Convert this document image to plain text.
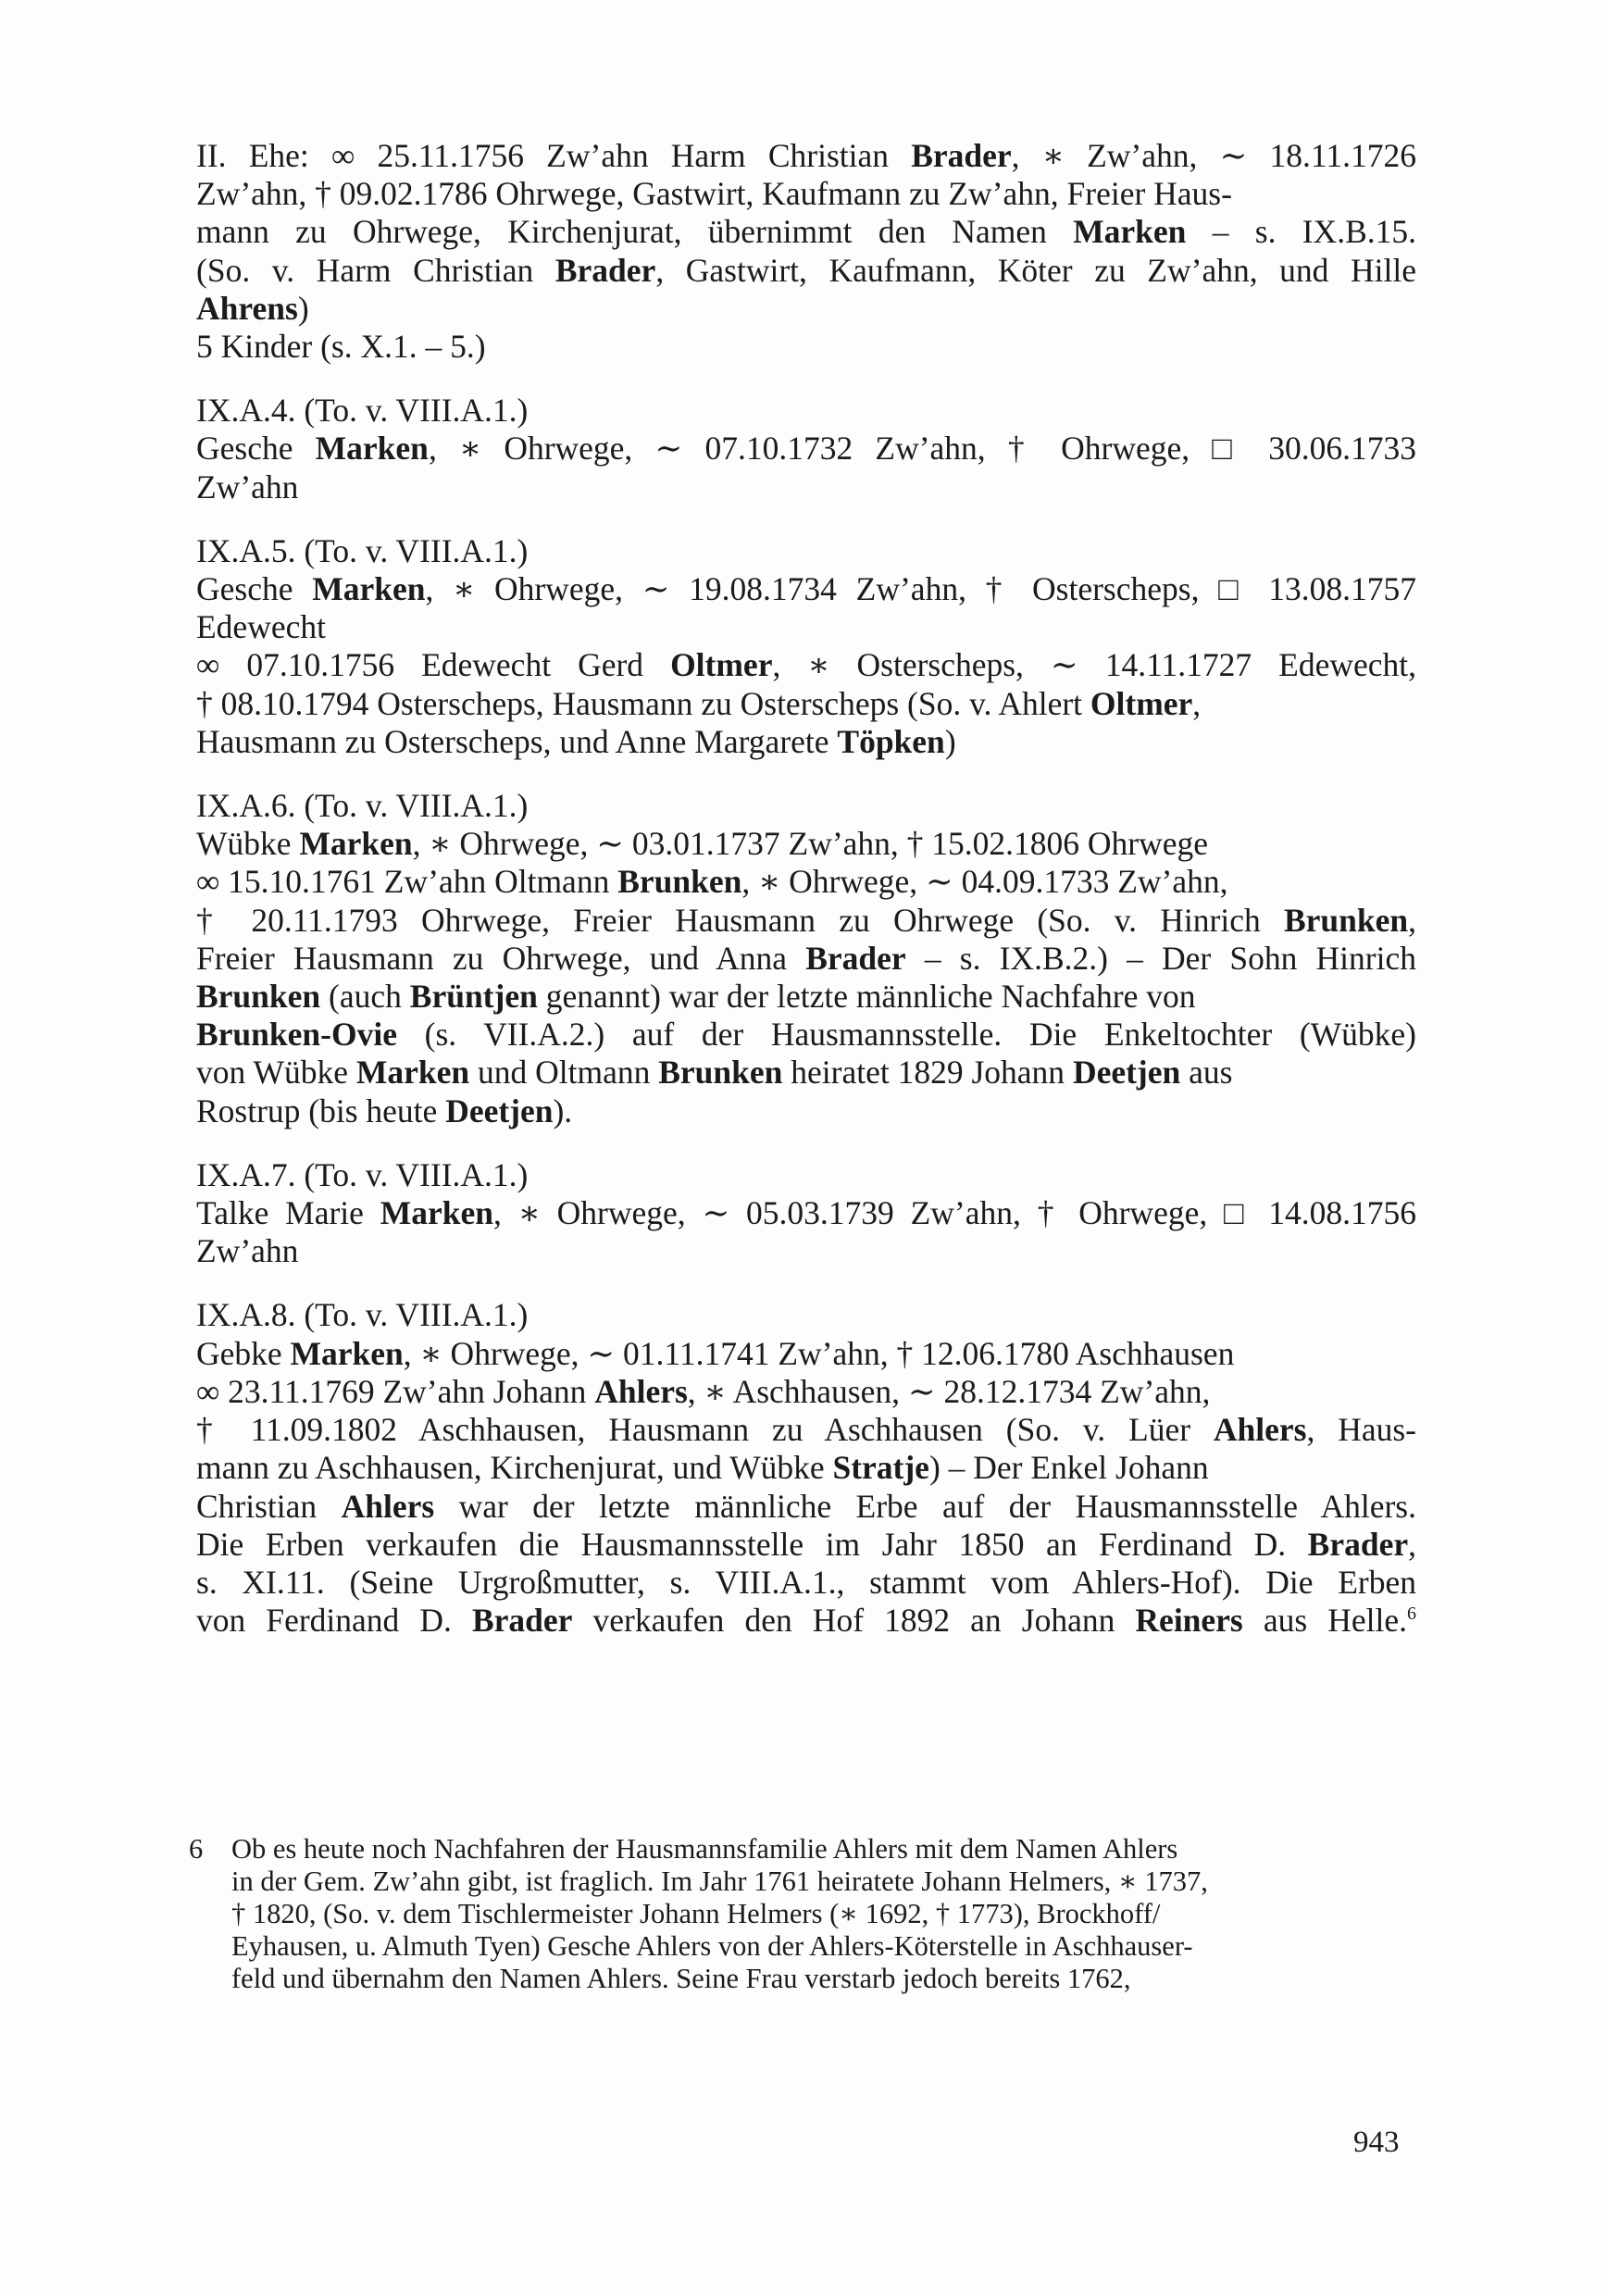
II. Ehe: ∞ 25.11.1756 Zw’ahn Harm Christian Brader, ∗ Zw’ahn, ∼ 18.11.1726
Zw’ahn, † 09.02.1786 Ohrwege, Gastwirt, Kaufmann zu Zw’ahn, Freier Haus-
mann zu Ohrwege, Kirchenjurat, übernimmt den Namen Marken – s. IX.B.15.
(So. v. Harm Christian Brader, Gastwirt, Kaufmann, Köter zu Zw’ahn, und Hille
Ahrens)
5 Kinder (s. X.1. – 5.)
IX.A.4. (To. v. VIII.A.1.)
Gesche Marken, ∗ Ohrwege, ∼ 07.10.1732 Zw’ahn, † Ohrwege, □ 30.06.1733
Zw’ahn
IX.A.5. (To. v. VIII.A.1.)
Gesche Marken, ∗ Ohrwege, ∼ 19.08.1734 Zw’ahn, † Osterscheps, □ 13.08.1757
Edewecht
∞ 07.10.1756 Edewecht Gerd Oltmer, ∗ Osterscheps, ∼ 14.11.1727 Edewecht,
† 08.10.1794 Osterscheps, Hausmann zu Osterscheps (So. v. Ahlert Oltmer,
Hausmann zu Osterscheps, und Anne Margarete Töpken)
IX.A.6. (To. v. VIII.A.1.)
Wübke Marken, ∗ Ohrwege, ∼ 03.01.1737 Zw’ahn, † 15.02.1806 Ohrwege
∞ 15.10.1761 Zw’ahn Oltmann Brunken, ∗ Ohrwege, ∼ 04.09.1733 Zw’ahn,
† 20.11.1793 Ohrwege, Freier Hausmann zu Ohrwege (So. v. Hinrich Brunken,
Freier Hausmann zu Ohrwege, und Anna Brader – s. IX.B.2.) – Der Sohn Hinrich
Brunken (auch Brüntjen genannt) war der letzte männliche Nachfahre von
Brunken-Ovie (s. VII.A.2.) auf der Hausmannsstelle. Die Enkeltochter (Wübke)
von Wübke Marken und Oltmann Brunken heiratet 1829 Johann Deetjen aus
Rostrup (bis heute Deetjen).
IX.A.7. (To. v. VIII.A.1.)
Talke Marie Marken, ∗ Ohrwege, ∼ 05.03.1739 Zw’ahn, † Ohrwege, □ 14.08.1756
Zw’ahn
IX.A.8. (To. v. VIII.A.1.)
Gebke Marken, ∗ Ohrwege, ∼ 01.11.1741 Zw’ahn, † 12.06.1780 Aschhausen
∞ 23.11.1769 Zw’ahn Johann Ahlers, ∗ Aschhausen, ∼ 28.12.1734 Zw’ahn,
† 11.09.1802 Aschhausen, Hausmann zu Aschhausen (So. v. Lüer Ahlers, Haus-
mann zu Aschhausen, Kirchenjurat, und Wübke Stratje) – Der Enkel Johann
Christian Ahlers war der letzte männliche Erbe auf der Hausmannsstelle Ahlers.
Die Erben verkaufen die Hausmannsstelle im Jahr 1850 an Ferdinand D. Brader,
s. XI.11. (Seine Urgroßmutter, s. VIII.A.1., stammt vom Ahlers-Hof). Die Erben
von Ferdinand D. Brader verkaufen den Hof 1892 an Johann Reiners aus Helle.$^6$
6 Ob es heute noch Nachfahren der Hausmannsfamilie Ahlers mit dem Namen Ahlers
in der Gem. Zw’ahn gibt, ist fraglich. Im Jahr 1761 heiratete Johann Helmers, ∗ 1737,
† 1820, (So. v. dem Tischlermeister Johann Helmers (∗ 1692, † 1773), Brockhoff/
Eyhausen, u. Almuth Tyen) Gesche Ahlers von der Ahlers-Köterstelle in Aschhauser-
feld und übernahm den Namen Ahlers. Seine Frau verstarb jedoch bereits 1762,
943
